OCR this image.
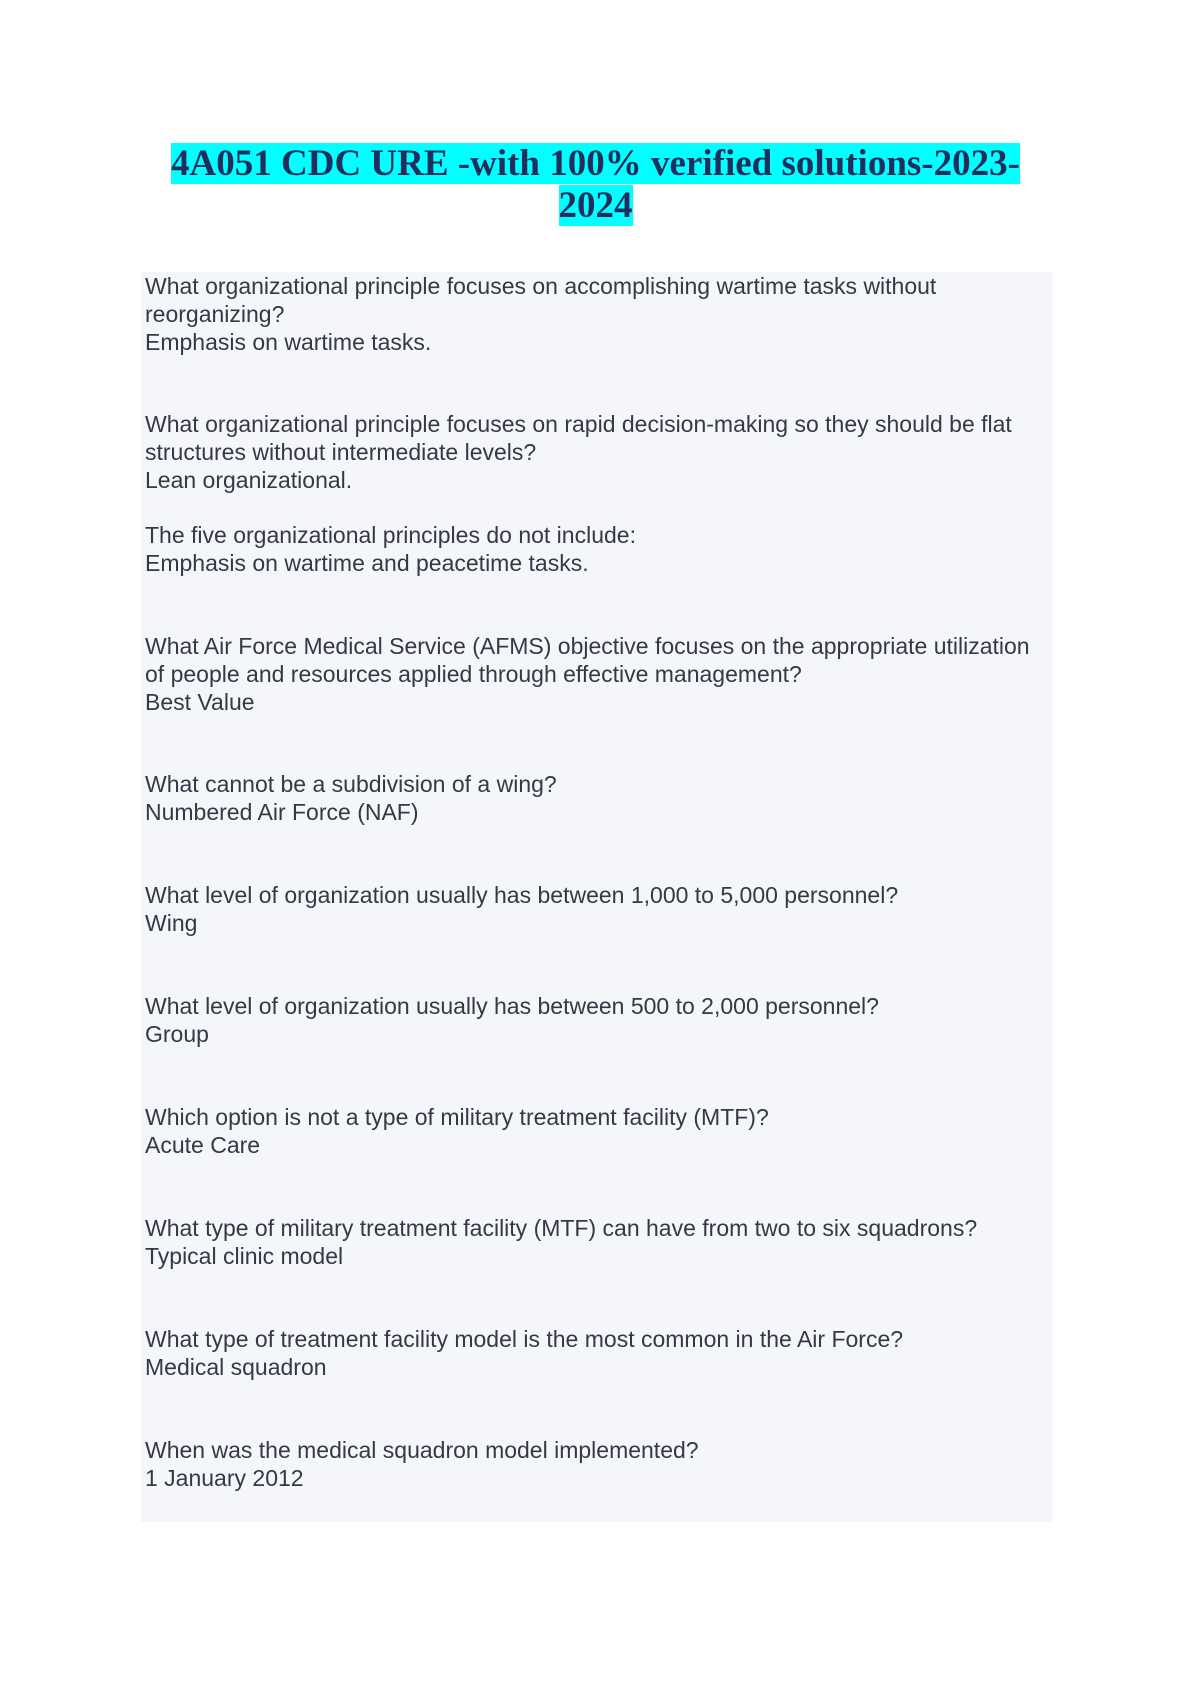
4A051 CDC URE -with 100% verified solutions-2023-
2024

What organizational principle focuses on accomplishing wartime tasks without reorganizing?

Emphasis on wartime tasks.

What organizational principle focuses on rapid decision-making so they should be flat structures without intermediate levels?

Lean organizational.

The five organizational principles do not include:

Emphasis on wartime and peacetime tasks.

What Air Force Medical Service (AFMS) objective focuses on the appropriate utilization of people and resources applied through effective management?

Best Value

What cannot be a subdivision of a wing?

Numbered Air Force (NAF)

What level of organization usually has between 1,000 to 5,000 personnel?

Wing

What level of organization usually has between 500 to 2,000 personnel?

Group

Which option is not a type of military treatment facility (MTF)?

Acute Care

What type of military treatment facility (MTF) can have from two to six squadrons?

Typical clinic model

What type of treatment facility model is the most common in the Air Force?

Medical squadron

When was the medical squadron model implemented?

1 January 2012
